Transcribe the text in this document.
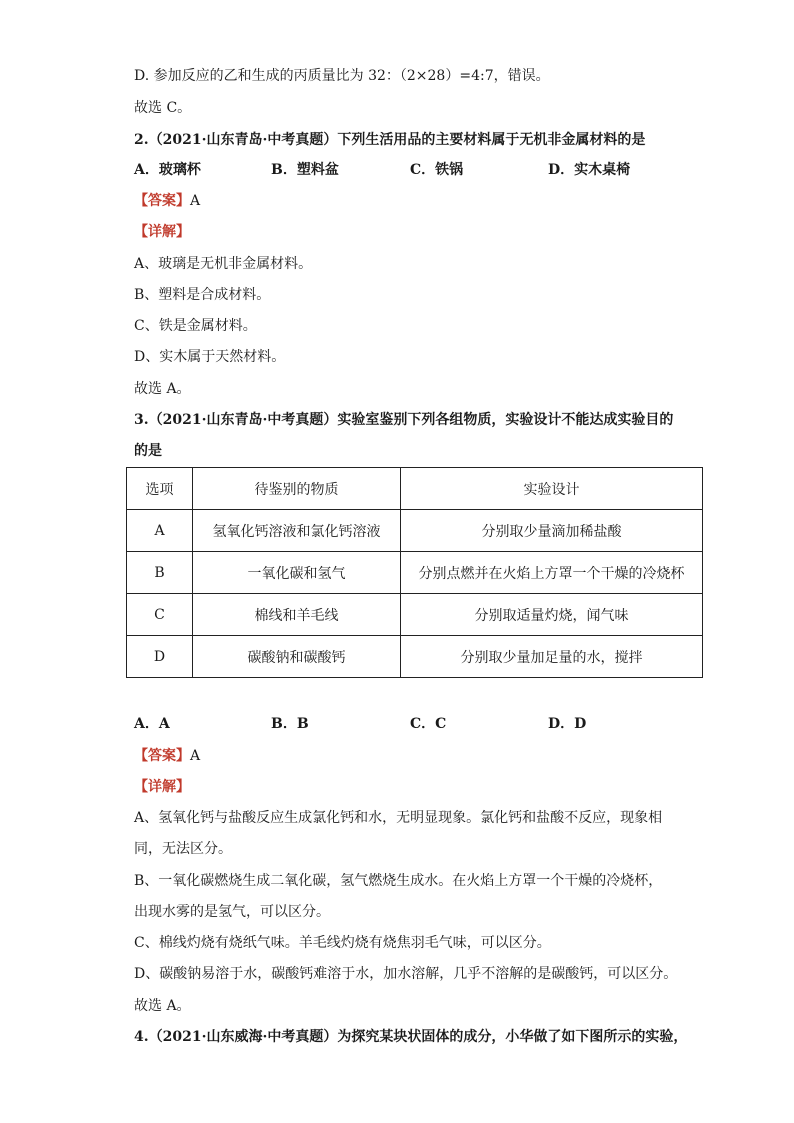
D. 参加反应的乙和生成的丙质量比为 32：（2×28）=4:7，错误。
故选 C。
2.（2021·山东青岛·中考真题）下列生活用品的主要材料属于无机非金属材料的是
A．玻璃杯	B．塑料盆	C．铁锅	D．实木桌椅
【答案】A
【详解】
A、玻璃是无机非金属材料。
B、塑料是合成材料。
C、铁是金属材料。
D、实木属于天然材料。
故选 A。
3.（2021·山东青岛·中考真题）实验室鉴别下列各组物质，实验设计不能达成实验目的
的是
选项	待鉴别的物质	实验设计
A	氢氧化钙溶液和氯化钙溶液	分别取少量滴加稀盐酸
B	一氧化碳和氢气	分别点燃并在火焰上方罩一个干燥的冷烧杯
C	棉线和羊毛线	分别取适量灼烧，闻气味
D	碳酸钠和碳酸钙	分别取少量加足量的水，搅拌
A．A	B．B	C．C	D．D
【答案】A
【详解】
A、氢氧化钙与盐酸反应生成氯化钙和水，无明显现象。氯化钙和盐酸不反应，现象相
同，无法区分。
B、一氧化碳燃烧生成二氧化碳，氢气燃烧生成水。在火焰上方罩一个干燥的冷烧杯，
出现水雾的是氢气，可以区分。
C、棉线灼烧有烧纸气味。羊毛线灼烧有烧焦羽毛气味，可以区分。
D、碳酸钠易溶于水，碳酸钙难溶于水，加水溶解，几乎不溶解的是碳酸钙，可以区分。
故选 A。
4.（2021·山东威海·中考真题）为探究某块状固体的成分，小华做了如下图所示的实验，
